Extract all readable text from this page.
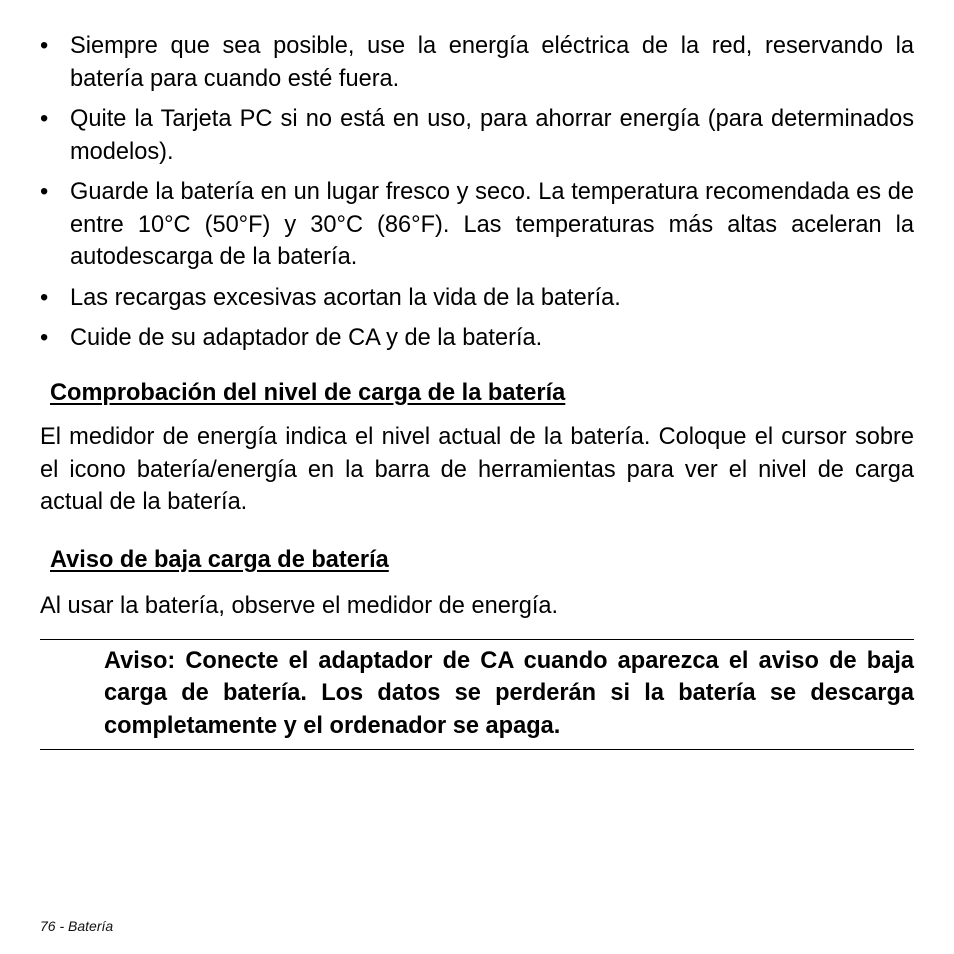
• Siempre que sea posible, use la energía eléctrica de la red, reservando la batería para cuando esté fuera.
• Quite la Tarjeta PC si no está en uso, para ahorrar energía (para determinados modelos).
• Guarde la batería en un lugar fresco y seco. La temperatura recomendada es de entre 10°C (50°F) y 30°C (86°F). Las temperaturas más altas aceleran la autodescarga de la batería.
• Las recargas excesivas acortan la vida de la batería.
• Cuide de su adaptador de CA y de la batería.
Comprobación del nivel de carga de la batería
El medidor de energía indica el nivel actual de la batería. Coloque el cursor sobre el icono batería/energía en la barra de herramientas para ver el nivel de carga actual de la batería.
Aviso de baja carga de batería
Al usar la batería, observe el medidor de energía.
Aviso: Conecte el adaptador de CA cuando aparezca el aviso de baja carga de batería. Los datos se perderán si la batería se descarga completamente y el ordenador se apaga.
76 - Batería
